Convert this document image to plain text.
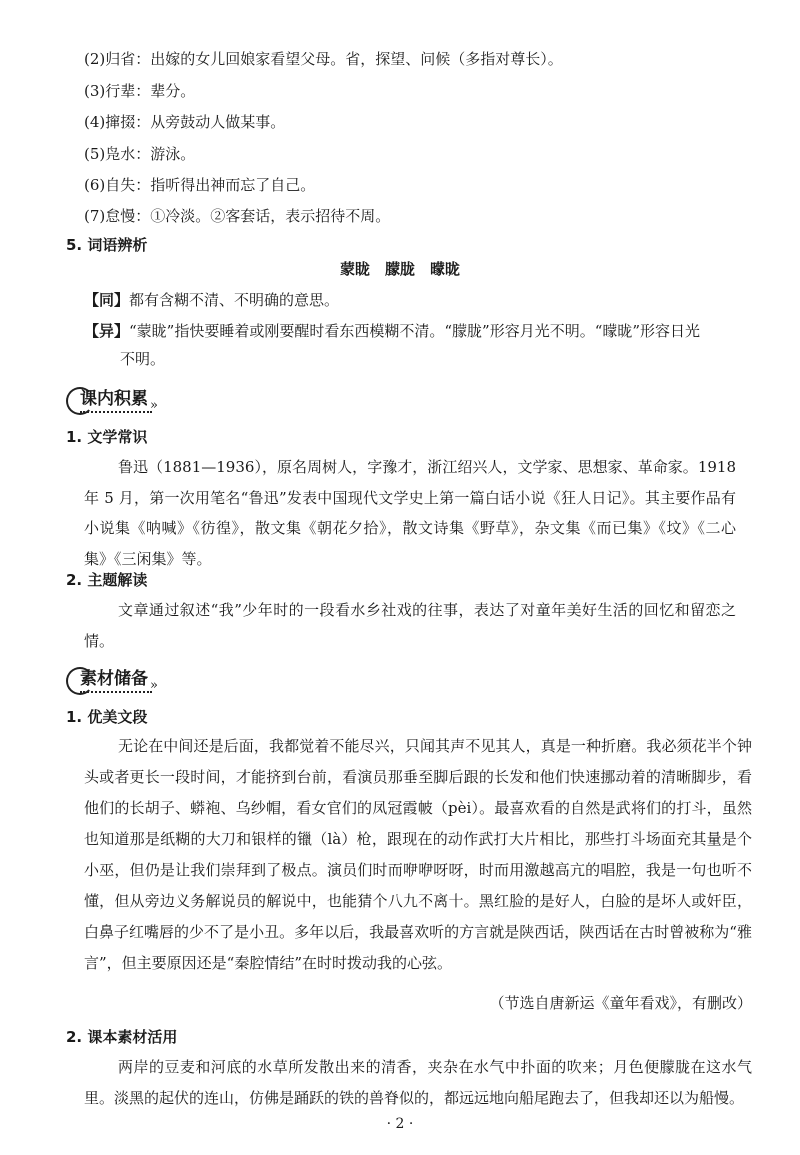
(2)归省：出嫁的女儿回娘家看望父母。省，探望、问候（多指对尊长）。
(3)行辈：辈分。
(4)撺掇：从旁鼓动人做某事。
(5)凫水：游泳。
(6)自失：指听得出神而忘了自己。
(7)怠慢：①冷淡。②客套话，表示招待不周。
5. 词语辨析
蒙眬　朦胧　曚昽
【同】都有含糊不清、不明确的意思。
【异】“蒙眬”指快要睡着或刚要醒时看东西模糊不清。“朦胧”形容月光不明。“曚昽”形容日光
不明。
课内积累 »
1. 文学常识
鲁迅（1881—1936），原名周树人，字豫才，浙江绍兴人，文学家、思想家、革命家。1918 年 5 月，第一次用笔名“鲁迅”发表中国现代文学史上第一篇白话小说《狂人日记》。其主要作品有小说集《呐喊》《彷徨》，散文集《朝花夕拾》，散文诗集《野草》，杂文集《而已集》《坟》《二心集》《三闲集》等。
2. 主题解读
文章通过叙述“我”少年时的一段看水乡社戏的往事，表达了对童年美好生活的回忆和留恋之情。
素材储备 »
1. 优美文段
无论在中间还是后面，我都觉着不能尽兴，只闻其声不见其人，真是一种折磨。我必须花半个钟头或者更长一段时间，才能挤到台前，看演员那垂至脚后跟的长发和他们快速挪动着的清晰脚步，看他们的长胡子、蟒袍、乌纱帽，看女官们的凤冠霞帔（pèi）。最喜欢看的自然是武将们的打斗，虽然也知道那是纸糊的大刀和银样的镴（là）枪，跟现在的动作武打大片相比，那些打斗场面充其量是个小巫，但仍是让我们崇拜到了极点。演员们时而咿咿呀呀，时而用激越高亢的唱腔，我是一句也听不懂，但从旁边义务解说员的解说中，也能猜个八九不离十。黑红脸的是好人，白脸的是坏人或奸臣，白鼻子红嘴唇的少不了是小丑。多年以后，我最喜欢听的方言就是陕西话，陕西话在古时曾被称为“雅言”，但主要原因还是“秦腔情结”在时时拨动我的心弦。
（节选自唐新运《童年看戏》，有删改）
2. 课本素材活用
两岸的豆麦和河底的水草所发散出来的清香，夹杂在水气中扑面的吹来；月色便朦胧在这水气里。淡黑的起伏的连山，仿佛是踊跃的铁的兽脊似的，都远远地向船尾跑去了，但我却还以为船慢。
· 2 ·
